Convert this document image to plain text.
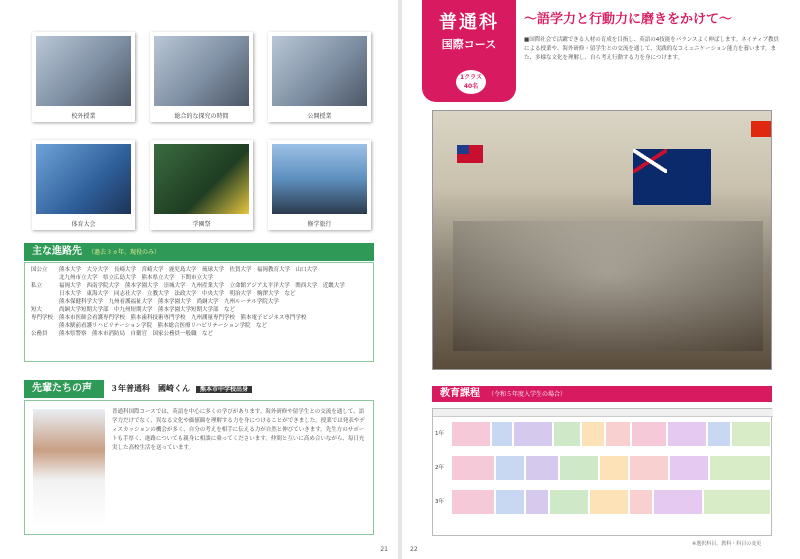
校外授業	総合的な探究の時間	公開授業
体育大会	学園祭	修学旅行
主な進路先 （過去３ヵ年、現役のみ）
国公立	熊本大学　大分大学　長崎大学　宮崎大学　鹿児島大学　琉球大学　佐賀大学　福岡教育大学　山口大学
北九州市立大学　県立広島大学　熊本県立大学　下関市立大学
私立	福岡大学　西南学院大学　熊本学園大学　崇城大学　九州産業大学　立命館アジア太平洋大学　関西大学　近畿大学
日本大学　東海大学　同志社大学　立教大学　法政大学　中央大学　明治大学　駒澤大学　など
熊本保健科学大学　九州看護福祉大学　熊本学園大学　尚絅大学　九州ルーテル学院大学
短大	尚絅大学短期大学部　中九州短期大学　熊本学園大学短期大学部　など
専門学校	熊本市医師会看護専門学校　熊本歯科技術専門学校　九州測量専門学校　熊本電子ビジネス専門学校
熊本駅前看護リハビリテーション学院　熊本総合医療リハビリテーション学院　など
公務員	熊本県警察　熊本市消防局　自衛官　国家公務員一般職　など
先輩たちの声	３年普通科　國崎くん 熊本市中学校出身
普通科国際コースでは、英語を中心に多くの学びがあります。海外研修や留学生との交流を通して、語学力だけでなく、異なる文化や価値観を理解する力を身につけることができました。授業では発表やディスカッションの機会が多く、自分の考えを相手に伝える力が自然と伸びていきます。先生方のサポートも手厚く、進路についても親身に相談に乗ってくださいます。仲間と互いに高め合いながら、毎日充実した高校生活を送っています。
21
普通科
国際コース
1クラス
40名
〜語学力と行動力に磨きをかけて〜
■国際社会で活躍できる人材の育成を目指し、英語の4技能をバランスよく伸ばします。ネイティブ教員による授業や、海外研修・留学生との交流を通して、実践的なコミュニケーション能力を養います。また、多様な文化を理解し、自ら考え行動する力を身につけます。
教育課程 （令和５年度入学生の場合）
1年
2年
3年
※選択科目、教科・科目の変更
22
